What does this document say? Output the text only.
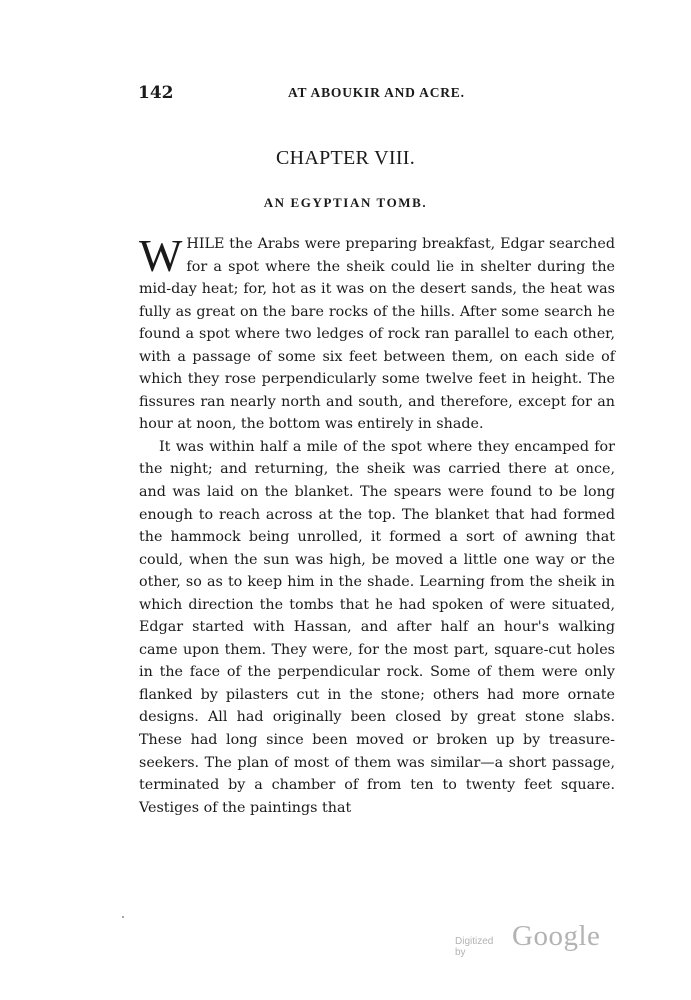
142	AT ABOUKIR AND ACRE.
CHAPTER VIII.
AN EGYPTIAN TOMB.

WHILE the Arabs were preparing breakfast, Edgar searched for a spot where the sheik could lie in shelter during the mid-day heat; for, hot as it was on the desert sands, the heat was fully as great on the bare rocks of the hills. After some search he found a spot where two ledges of rock ran parallel to each other, with a passage of some six feet between them, on each side of which they rose perpendicularly some twelve feet in height. The fissures ran nearly north and south, and therefore, except for an hour at noon, the bottom was entirely in shade.

It was within half a mile of the spot where they encamped for the night; and returning, the sheik was carried there at once, and was laid on the blanket. The spears were found to be long enough to reach across at the top. The blanket that had formed the hammock being unrolled, it formed a sort of awning that could, when the sun was high, be moved a little one way or the other, so as to keep him in the shade. Learning from the sheik in which direction the tombs that he had spoken of were situated, Edgar started with Hassan, and after half an hour's walking came upon them. They were, for the most part, square-cut holes in the face of the perpendicular rock. Some of them were only flanked by pilasters cut in the stone; others had more ornate designs. All had originally been closed by great stone slabs. These had long since been moved or broken up by treasure-seekers. The plan of most of them was similar—a short passage, terminated by a chamber of from ten to twenty feet square. Vestiges of the paintings that

Digitized by
Google
